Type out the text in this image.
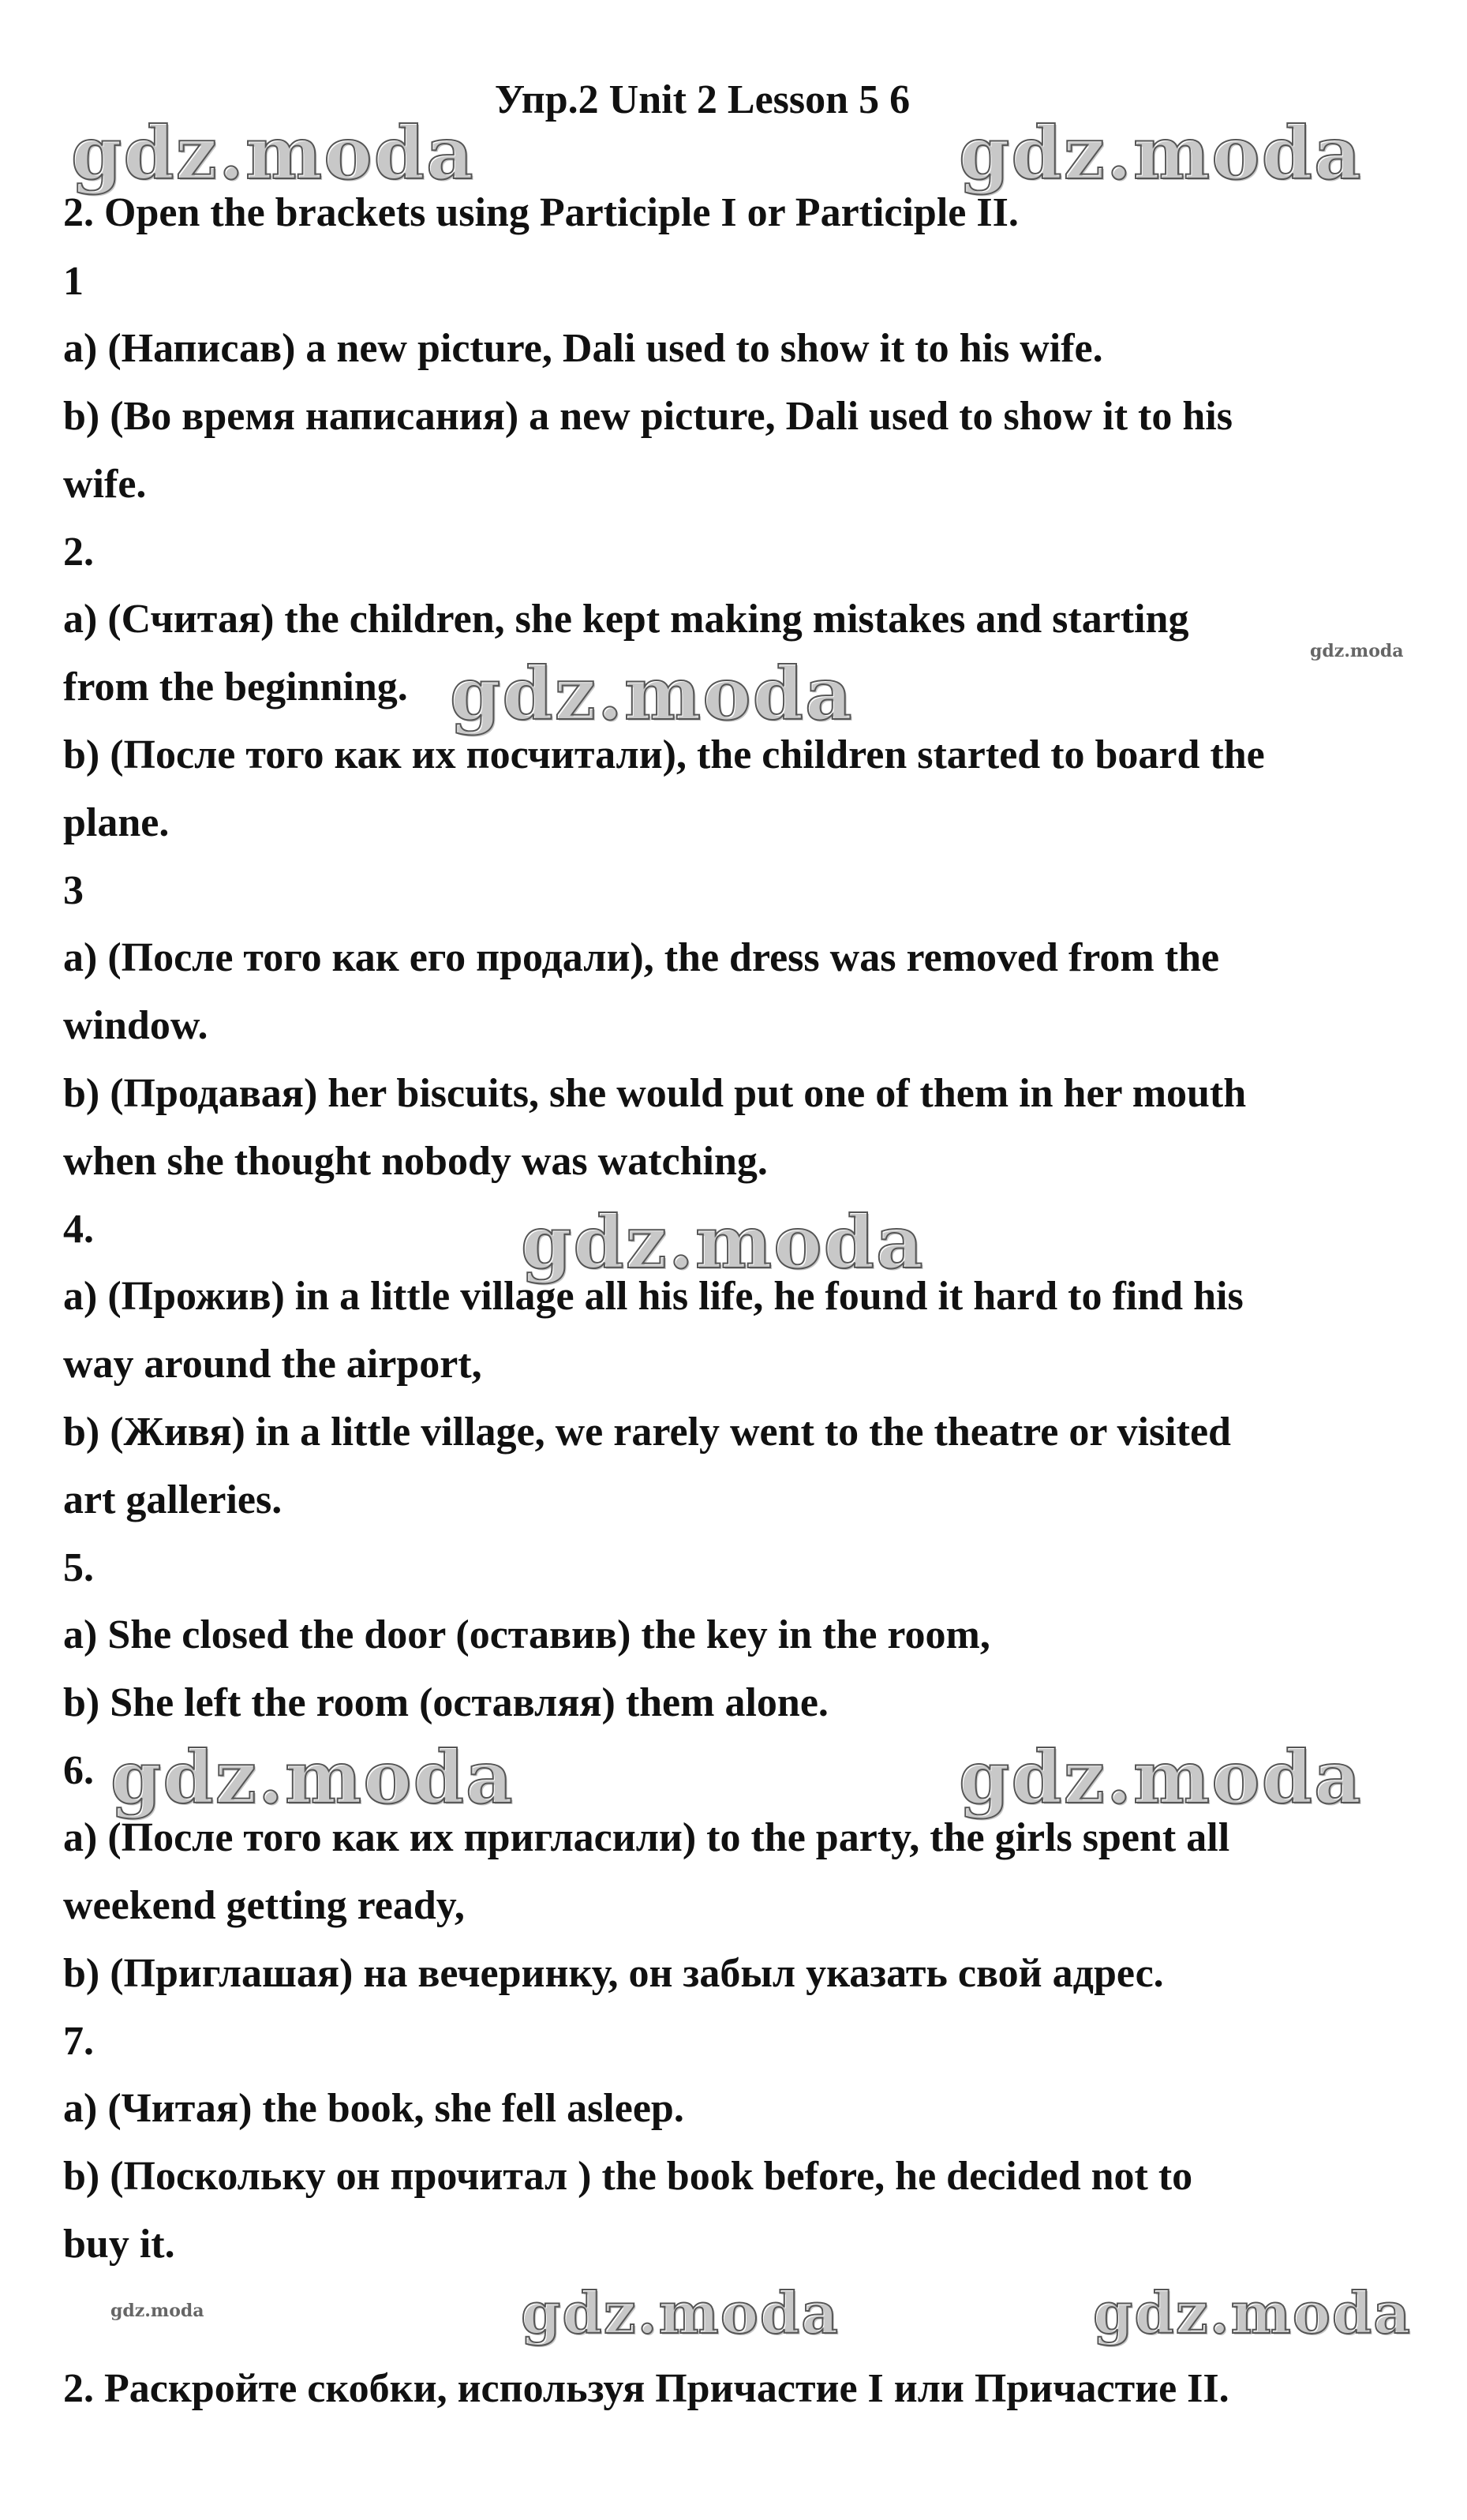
gdz.moda	gdz.moda
gdz.moda
gdz.moda
gdz.moda
gdz.moda	gdz.moda
gdz.moda	gdz.moda	gdz.moda
Упр.2 Unit 2 Lesson 5 6
2. Open the brackets using Participle I or Participle II.
1
a) (Написав) a new picture, Dali used to show it to his wife.
b) (Во время написания) a new picture, Dali used to show it to his
wife.
2.
a) (Считая) the children, she kept making mistakes and starting
from the beginning.
b) (После того как их посчитали), the children started to board the
plane.
3
a) (После того как его продали), the dress was removed from the
window.
b) (Продавая) her biscuits, she would put one of them in her mouth
when she thought nobody was watching.
4.
a) (Прожив) in a little village all his life, he found it hard to find his
way around the airport,
b) (Живя) in a little village, we rarely went to the theatre or visited
art galleries.
5.
a) She closed the door (оставив) the key in the room,
b) She left the room (оставляя) them alone.
6.
a) (После того как их пригласили) to the party, the girls spent all
weekend getting ready,
b) (Приглашая) на вечеринку, он забыл указать свой адрес.
7.
a) (Читая) the book, she fell asleep.
b) (Поскольку он прочитал ) the book before, he decided not to
buy it.
2. Раскройте скобки, используя Причастие I или Причастие II.
